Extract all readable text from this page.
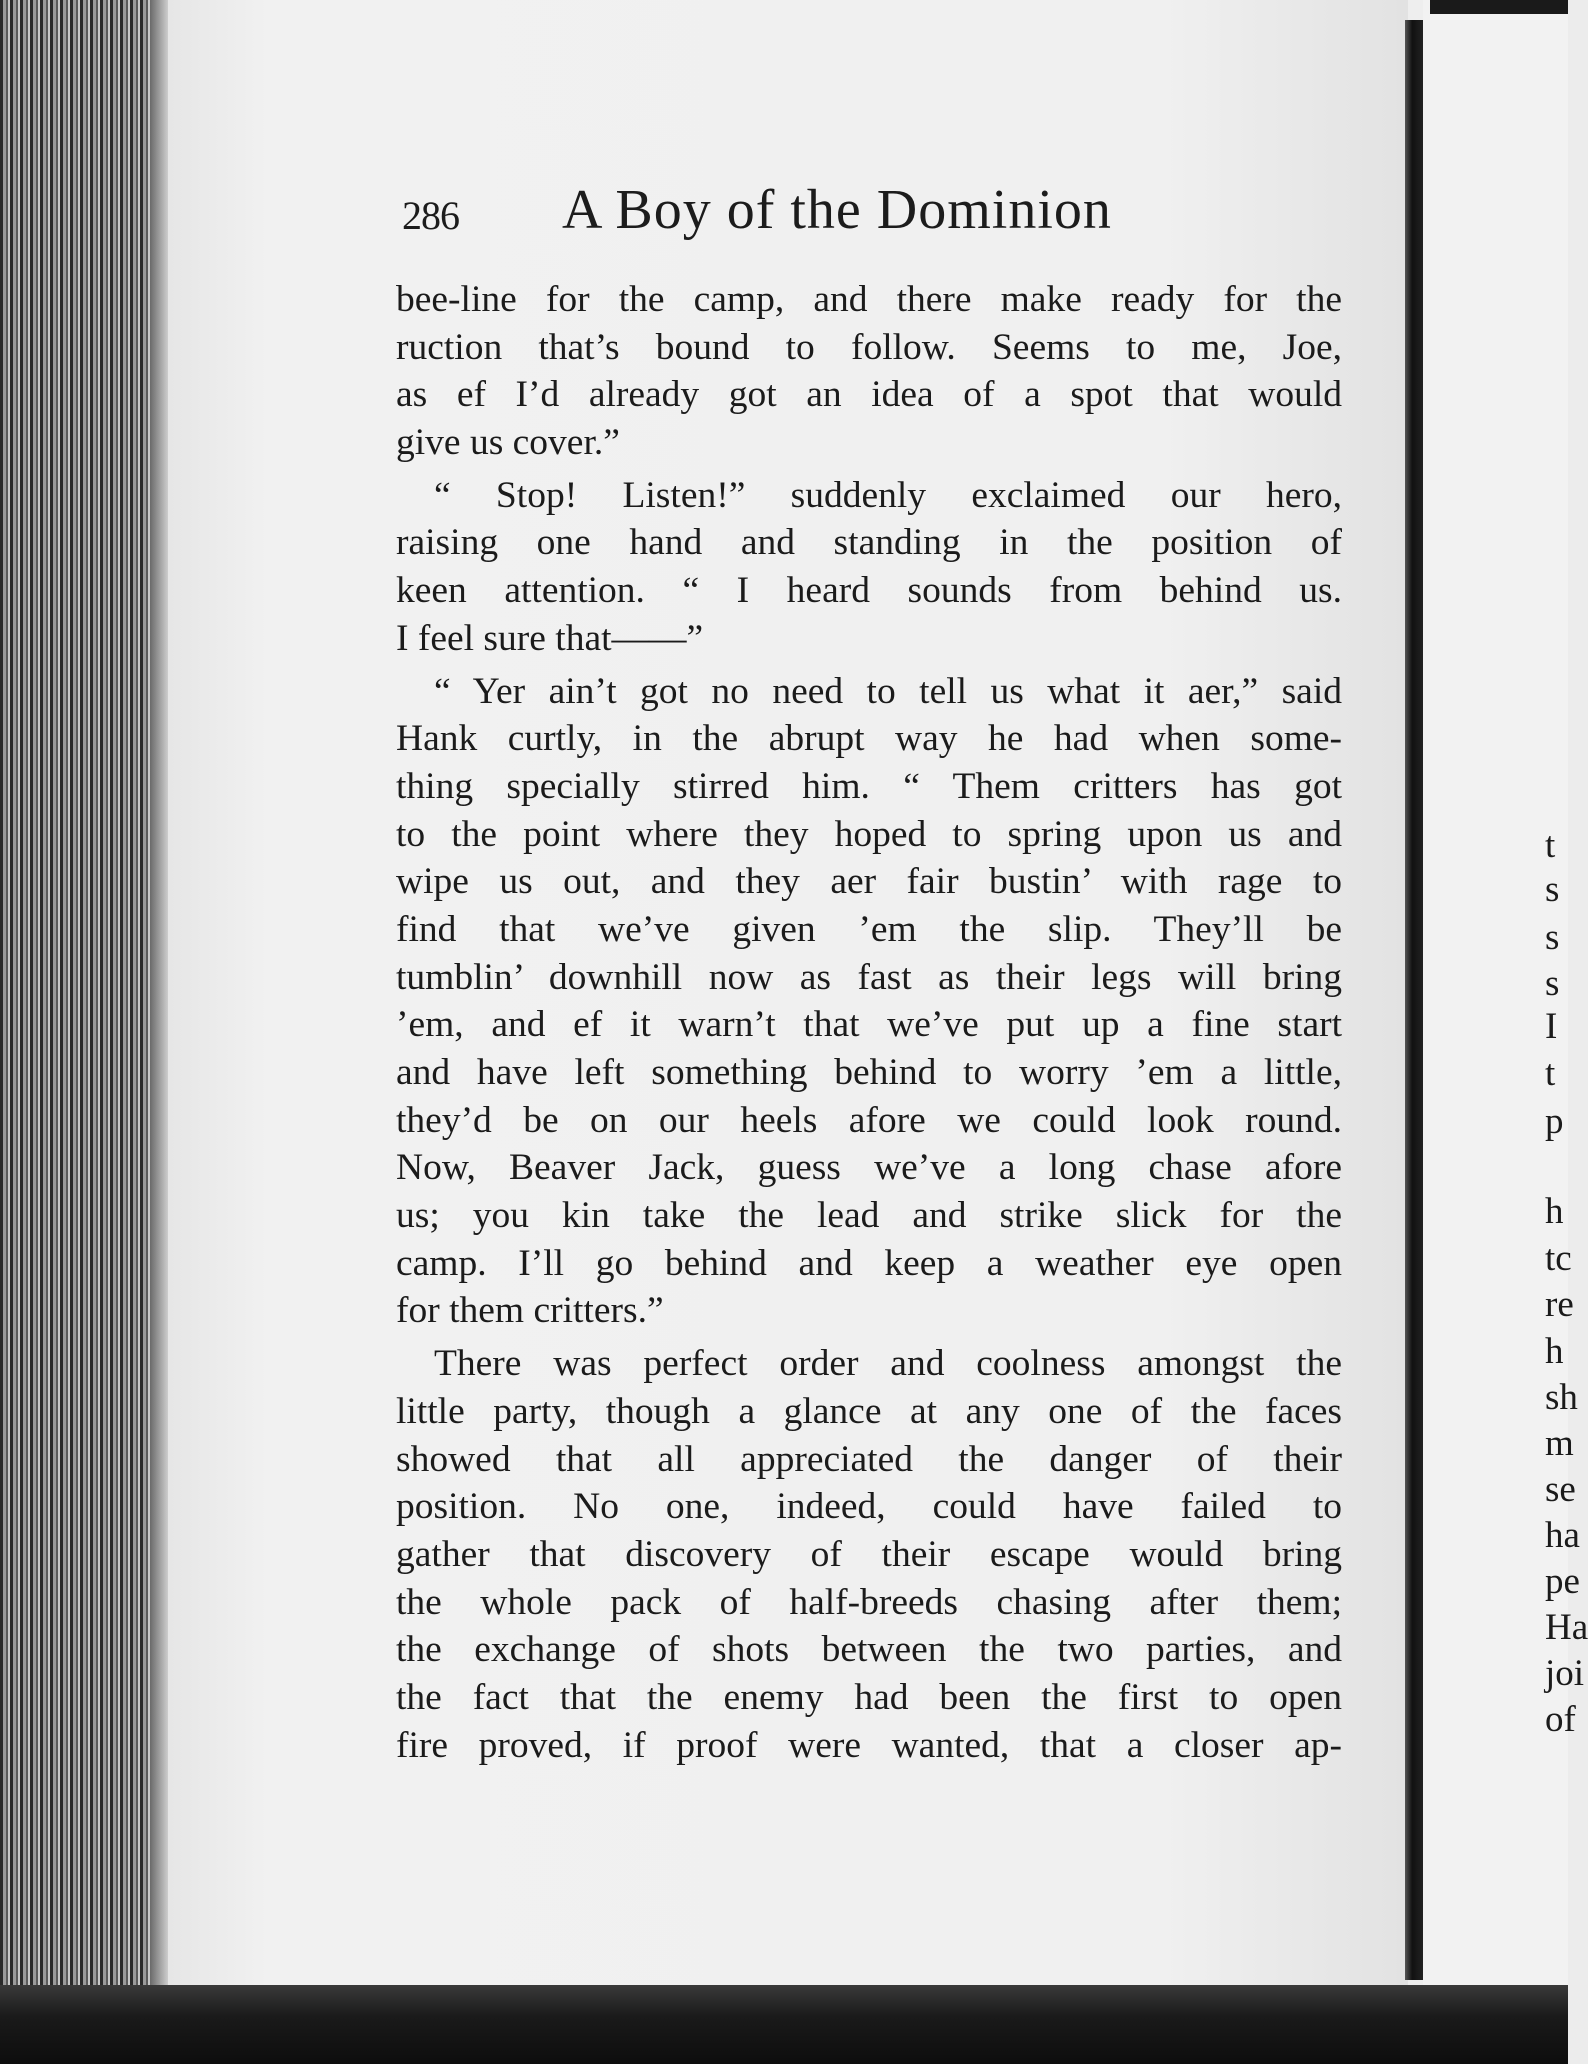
286 A Boy of the Dominion
bee-line for the camp, and there make ready for the
ruction that’s bound to follow. Seems to me, Joe,
as ef I’d already got an idea of a spot that would
give us cover.”
“ Stop! Listen!” suddenly exclaimed our hero,
raising one hand and standing in the position of
keen attention. “ I heard sounds from behind us.
I feel sure that——”
“ Yer ain’t got no need to tell us what it aer,” said
Hank curtly, in the abrupt way he had when some-
thing specially stirred him. “ Them critters has got
to the point where they hoped to spring upon us and
wipe us out, and they aer fair bustin’ with rage to
find that we’ve given ’em the slip. They’ll be
tumblin’ downhill now as fast as their legs will bring
’em, and ef it warn’t that we’ve put up a fine start
and have left something behind to worry ’em a little,
they’d be on our heels afore we could look round.
Now, Beaver Jack, guess we’ve a long chase afore
us; you kin take the lead and strike slick for the
camp. I’ll go behind and keep a weather eye open
for them critters.”
There was perfect order and coolness amongst the
little party, though a glance at any one of the faces
showed that all appreciated the danger of their
position. No one, indeed, could have failed to
gather that discovery of their escape would bring
the whole pack of half-breeds chasing after them;
the exchange of shots between the two parties, and
the fact that the enemy had been the first to open
fire proved, if proof were wanted, that a closer ap-
t
s
s
s
I
t
p
h
tc
re
h
sh
m
se
ha
pe
Ha
joi
of
